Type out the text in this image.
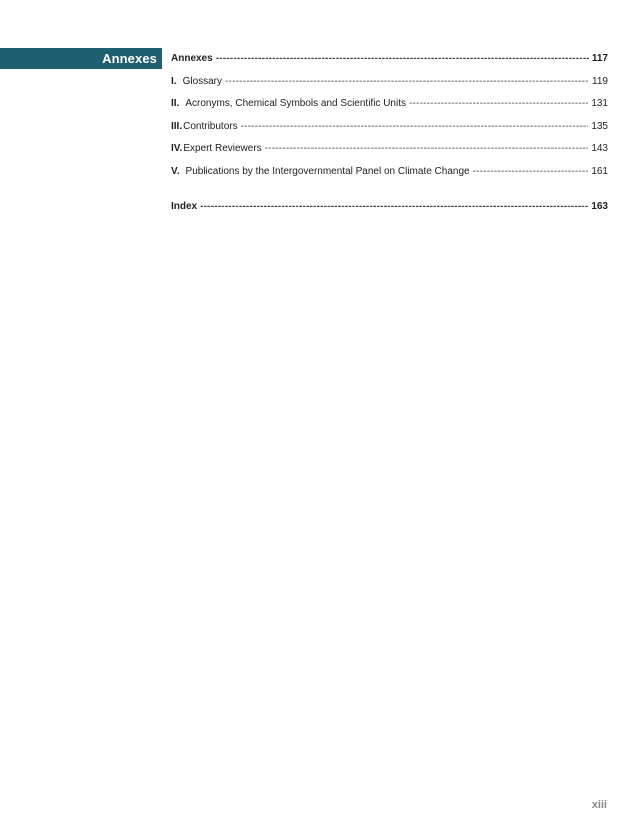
Annexes Annexes -----	117
I. Glossary -----	119
II. Acronyms, Chemical Symbols and Scientific Units -----	131
III. Contributors -----	135
IV. Expert Reviewers -----	143
V. Publications by the Intergovernmental Panel on Climate Change -----	161
Index -----	163
xiii
